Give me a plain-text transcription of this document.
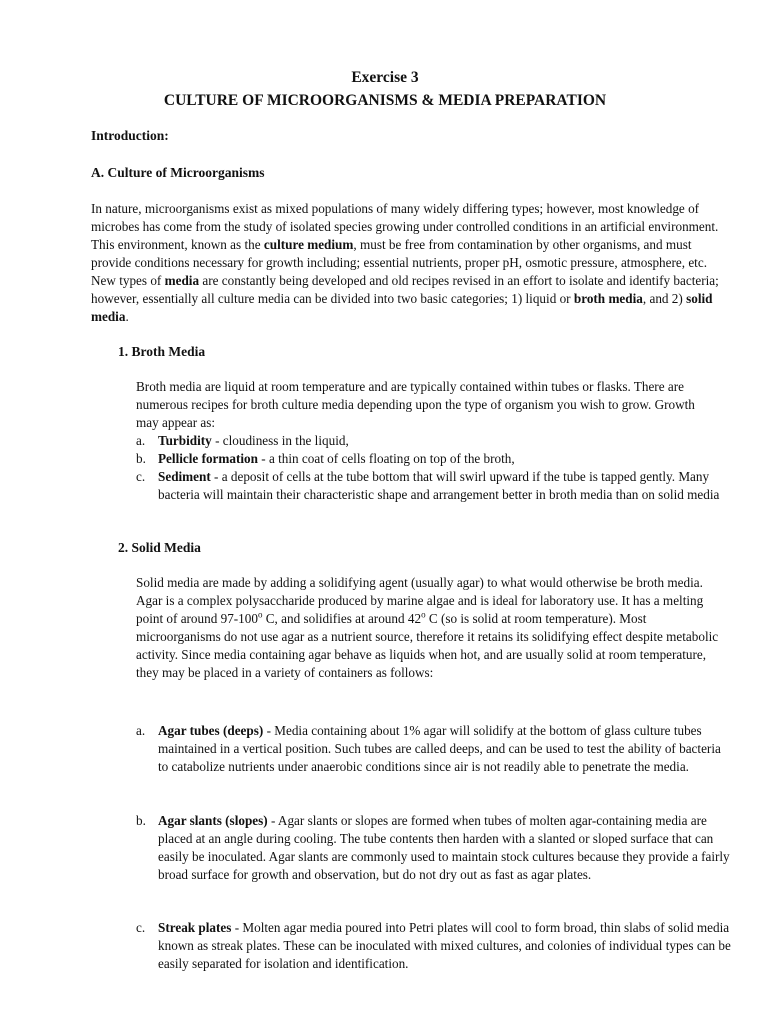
Exercise 3
CULTURE OF MICROORGANISMS & MEDIA PREPARATION
Introduction:
A. Culture of Microorganisms

In nature, microorganisms exist as mixed populations of many widely differing types; however, most knowledge of microbes has come from the study of isolated species growing under controlled conditions in an artificial environment. This environment, known as the culture medium, must be free from contamination by other organisms, and must provide conditions necessary for growth including; essential nutrients, proper pH, osmotic pressure, atmosphere, etc. New types of media are constantly being developed and old recipes revised in an effort to isolate and identify bacteria; however, essentially all culture media can be divided into two basic categories; 1) liquid or broth media, and 2) solid media.

1. Broth Media

Broth media are liquid at room temperature and are typically contained within tubes or flasks. There are numerous recipes for broth culture media depending upon the type of organism you wish to grow. Growth may appear as:

a. Turbidity - cloudiness in the liquid,
b. Pellicle formation - a thin coat of cells floating on top of the broth,
c. Sediment - a deposit of cells at the tube bottom that will swirl upward if the tube is tapped gently. Many bacteria will maintain their characteristic shape and arrangement better in broth media than on solid media
2. Solid Media

Solid media are made by adding a solidifying agent (usually agar) to what would otherwise be broth media. Agar is a complex polysaccharide produced by marine algae and is ideal for laboratory use. It has a melting point of around 97-100$^o$ C, and solidifies at around 42$^o$ C (so is solid at room temperature). Most microorganisms do not use agar as a nutrient source, therefore it retains its solidifying effect despite metabolic activity. Since media containing agar behave as liquids when hot, and are usually solid at room temperature, they may be placed in a variety of containers as follows:

a. Agar tubes (deeps) - Media containing about 1% agar will solidify at the bottom of glass culture tubes maintained in a vertical position. Such tubes are called deeps, and can be used to test the ability of bacteria to catabolize nutrients under anaerobic conditions since air is not readily able to penetrate the media.
b. Agar slants (slopes) - Agar slants or slopes are formed when tubes of molten agar-containing media are placed at an angle during cooling. The tube contents then harden with a slanted or sloped surface that can easily be inoculated. Agar slants are commonly used to maintain stock cultures because they provide a fairly broad surface for growth and observation, but do not dry out as fast as agar plates.
c. Streak plates - Molten agar media poured into Petri plates will cool to form broad, thin slabs of solid media known as streak plates. These can be inoculated with mixed cultures, and colonies of individual types can be easily separated for isolation and identification.
